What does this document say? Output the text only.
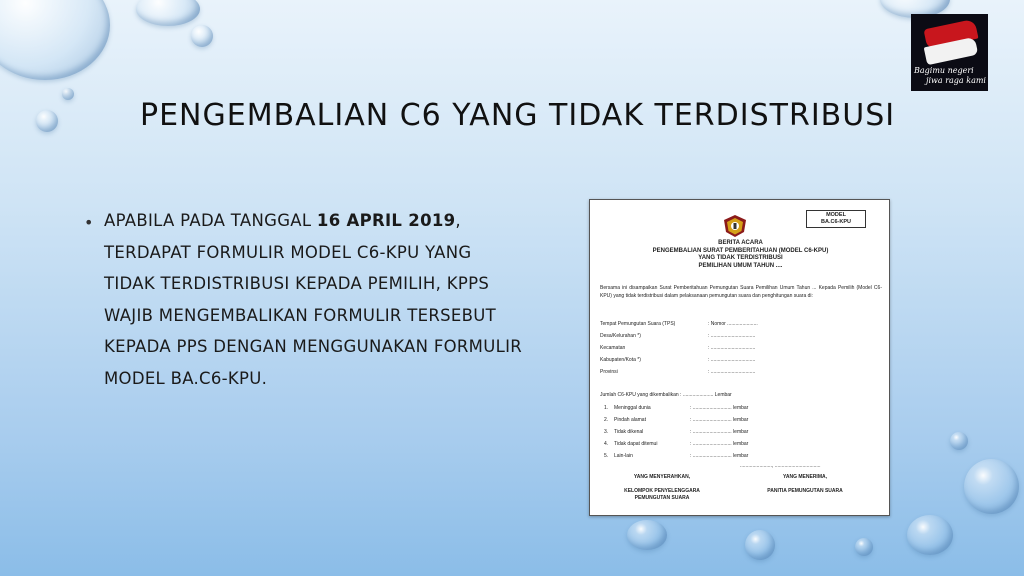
Bagimu negeri
jiwa raga kami
PENGEMBALIAN C6 YANG TIDAK TERDISTRIBUSI
• APABILA PADA TANGGAL 16 APRIL 2019, TERDAPAT FORMULIR MODEL C6-KPU YANG TIDAK TERDISTRIBUSI KEPADA PEMILIH, KPPS WAJIB MENGEMBALIKAN FORMULIR TERSEBUT KEPADA PPS DENGAN MENGGUNAKAN FORMULIR MODEL BA.C6-KPU.
MODEL
BA.C6-KPU
BERITA ACARA
PENGEMBALIAN SURAT PEMBERITAHUAN (MODEL C6-KPU)
YANG TIDAK TERDISTRIBUSI
PEMILIHAN UMUM TAHUN ....
Bersama ini disampaikan Surat Pemberitahuan Pemungutan Suara Pemilihan Umum Tahun ... Kepada Pemilih (Model C6-KPU) yang tidak terdistribusi dalam pelaksanaan pemungutan suara dan penghitungan suara di:
Tempat Pemungutan Suara (TPS)	: Nomor ......................
Desa/Kelurahan *)	: ................................
Kecamatan	: ................................
Kabupaten/Kota *)	: ................................
Provinsi	: ................................
Jumlah C6-KPU yang dikembalikan : ...................... Lembar
1. Meninggal dunia	: ............................ lembar
2. Pindah alamat	: ............................ lembar
3. Tidak dikenal	: ............................ lembar
4. Tidak dapat ditemui	: ............................ lembar
5. Lain-lain	: ............................ lembar
......................., .................................
YANG MENYERAHKAN,
KELOMPOK PENYELENGGARA
PEMUNGUTAN SUARA
YANG MENERIMA,
PANITIA PEMUNGUTAN SUARA
